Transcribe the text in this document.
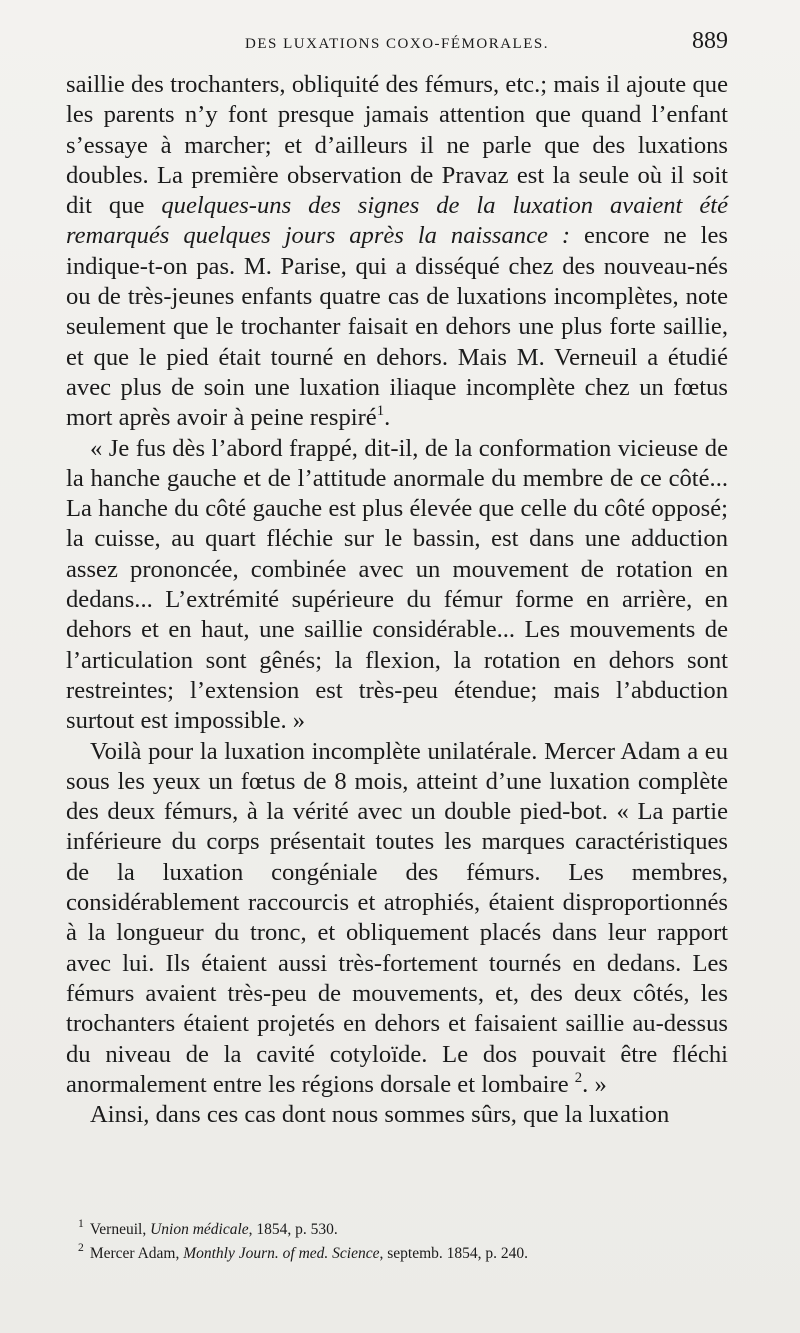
DES LUXATIONS COXO-FÉMORALES.	889

saillie des trochanters, obliquité des fémurs, etc.; mais il ajoute que les parents n’y font presque jamais attention que quand l’enfant s’essaye à marcher; et d’ailleurs il ne parle que des luxations doubles. La première observation de Pravaz est la seule où il soit dit que quelques-uns des signes de la luxation avaient été remarqués quelques jours après la naissance : encore ne les indique-t-on pas. M. Parise, qui a disséqué chez des nouveau-nés ou de très-jeunes enfants quatre cas de luxations incomplètes, note seulement que le trochanter faisait en dehors une plus forte saillie, et que le pied était tourné en dehors. Mais M. Verneuil a étudié avec plus de soin une luxation iliaque incomplète chez un fœtus mort après avoir à peine respiré$^1$.

« Je fus dès l’abord frappé, dit-il, de la conformation vicieuse de la hanche gauche et de l’attitude anormale du membre de ce côté... La hanche du côté gauche est plus élevée que celle du côté opposé; la cuisse, au quart fléchie sur le bassin, est dans une adduction assez prononcée, combinée avec un mouvement de rotation en dedans... L’extrémité supérieure du fémur forme en arrière, en dehors et en haut, une saillie considérable... Les mouvements de l’articulation sont gênés; la flexion, la rotation en dehors sont restreintes; l’extension est très-peu étendue; mais l’abduction surtout est impossible. »

Voilà pour la luxation incomplète unilatérale. Mercer Adam a eu sous les yeux un fœtus de 8 mois, atteint d’une luxation complète des deux fémurs, à la vérité avec un double pied-bot. « La partie inférieure du corps présentait toutes les marques caractéristiques de la luxation congéniale des fémurs. Les membres, considérablement raccourcis et atrophiés, étaient disproportionnés à la longueur du tronc, et obliquement placés dans leur rapport avec lui. Ils étaient aussi très-fortement tournés en dedans. Les fémurs avaient très-peu de mouvements, et, des deux côtés, les trochanters étaient projetés en dehors et faisaient saillie au-dessus du niveau de la cavité cotyloïde. Le dos pouvait être fléchi anormalement entre les régions dorsale et lombaire $^2$. »

Ainsi, dans ces cas dont nous sommes sûrs, que la luxation

$^1$ Verneuil, Union médicale, 1854, p. 530.
$^2$ Mercer Adam, Monthly Journ. of med. Science, septemb. 1854, p. 240.
